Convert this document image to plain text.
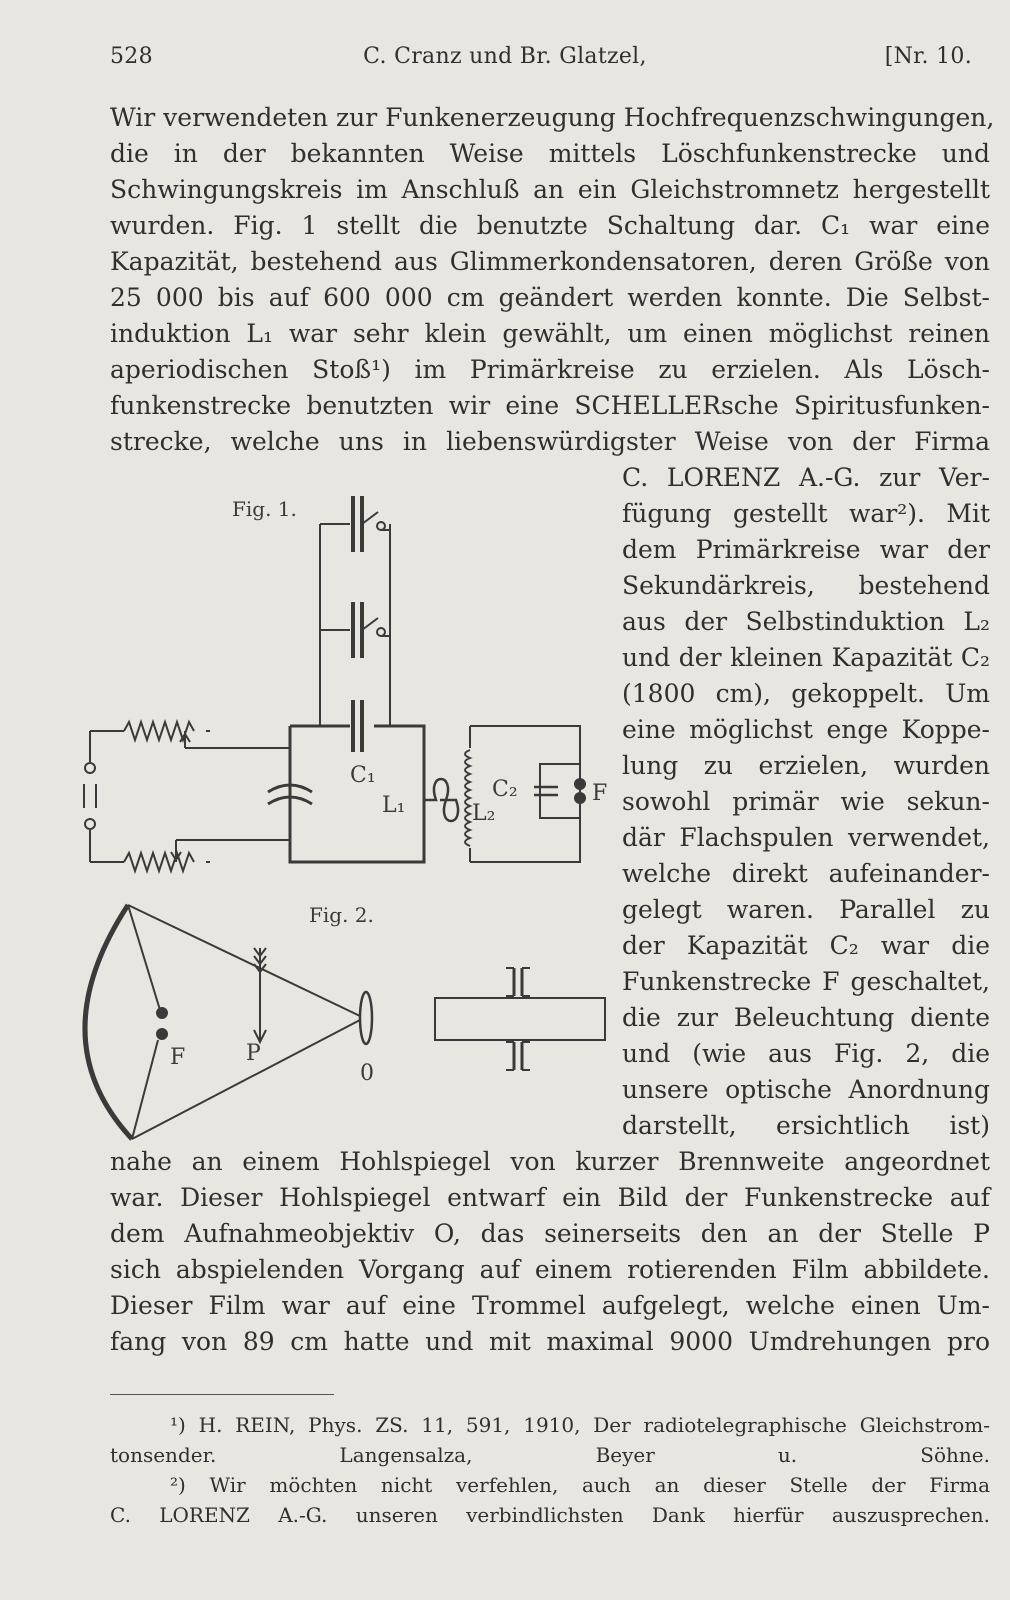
528	C. Cranz und Br. Glatzel,	[Nr. 10.
Wir verwendeten zur Funkenerzeugung Hochfrequenzschwingungen,
die in der bekannten Weise mittels Löschfunkenstrecke und
Schwingungskreis im Anschluß an ein Gleichstromnetz hergestellt
wurden. Fig. 1 stellt die benutzte Schaltung dar. C₁ war eine
Kapazität, bestehend aus Glimmerkondensatoren, deren Größe von
25 000 bis auf 600 000 cm geändert werden konnte. Die Selbst-
induktion L₁ war sehr klein gewählt, um einen möglichst reinen
aperiodischen Stoß¹) im Primärkreise zu erzielen. Als Lösch-
funkenstrecke benutzten wir eine SCHELLERsche Spiritusfunken-
strecke, welche uns in liebenswürdigster Weise von der Firma
C. LORENZ A.-G. zur Ver-
fügung gestellt war²). Mit
dem Primärkreise war der
Sekundärkreis, bestehend
aus der Selbstinduktion L₂
und der kleinen Kapazität C₂
(1800 cm), gekoppelt. Um
eine möglichst enge Koppe-
lung zu erzielen, wurden
sowohl primär wie sekun-
där Flachspulen verwendet,
welche direkt aufeinander-
gelegt waren. Parallel zu
der Kapazität C₂ war die
Funkenstrecke F geschaltet,
die zur Beleuchtung diente
und (wie aus Fig. 2, die
unsere optische Anordnung
darstellt, ersichtlich ist)
nahe an einem Hohlspiegel von kurzer Brennweite angeordnet
war. Dieser Hohlspiegel entwarf ein Bild der Funkenstrecke auf
dem Aufnahmeobjektiv O, das seinerseits den an der Stelle P
sich abspielenden Vorgang auf einem rotierenden Film abbildete.
Dieser Film war auf eine Trommel aufgelegt, welche einen Um-
fang von 89 cm hatte und mit maximal 9000 Umdrehungen pro
Fig. 1.
C₁
L₁	L₂
C₂	F
Fig. 2.
F	P
0
¹) H. REIN, Phys. ZS. 11, 591, 1910, Der radiotelegraphische Gleichstrom-
tonsender. Langensalza, Beyer u. Söhne.
²) Wir möchten nicht verfehlen, auch an dieser Stelle der Firma
C. LORENZ A.-G. unseren verbindlichsten Dank hierfür auszusprechen.
